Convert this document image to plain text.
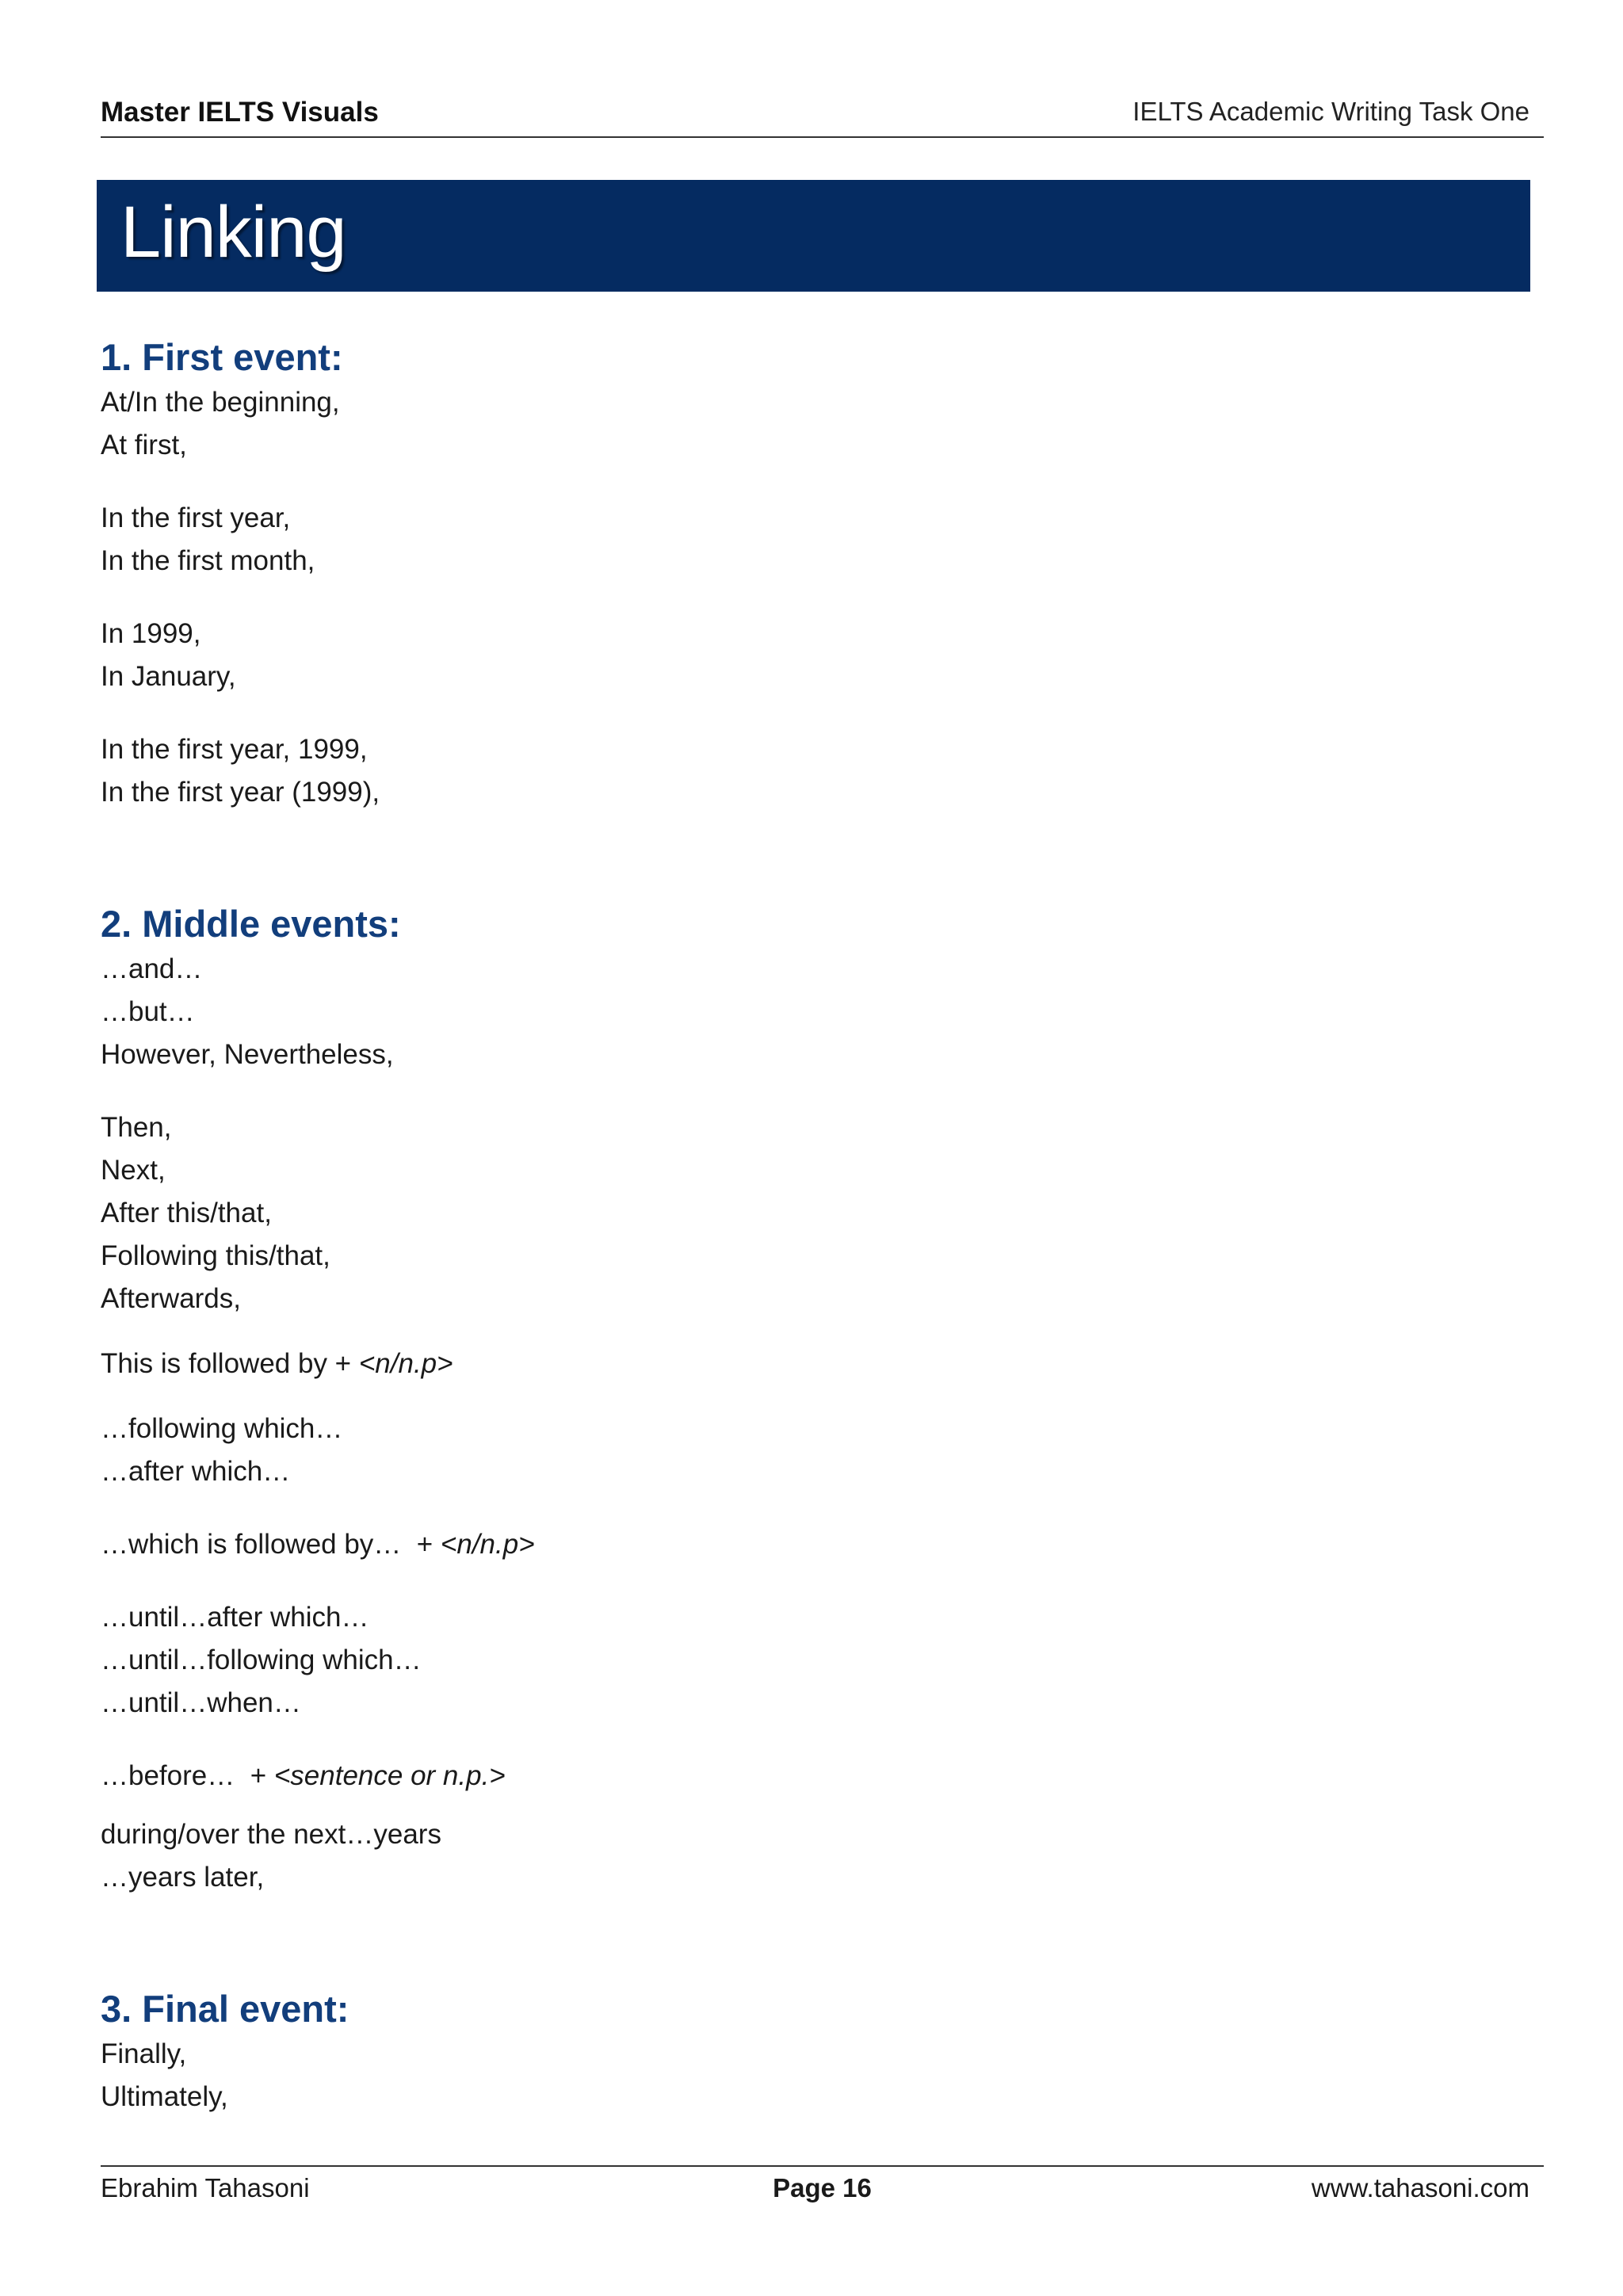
Master IELTS Visuals	IELTS Academic Writing Task One
Linking
1. First event:
At/In the beginning,
At first,
In the first year,
In the first month,
In 1999,
In January,
In the first year, 1999,
In the first year (1999),
2. Middle events:
…and…
…but…
However, Nevertheless,
Then,
Next,
After this/that,
Following this/that,
Afterwards,
This is followed by + <n/n.p>
…following which…
…after which…
…which is followed by…  + <n/n.p>
…until…after which…
…until…following which…
…until…when…
…before…  + <sentence or n.p.>
during/over the next…years
…years later,
3. Final event:
Finally,
Ultimately,
Ebrahim Tahasoni	Page 16	www.tahasoni.com
